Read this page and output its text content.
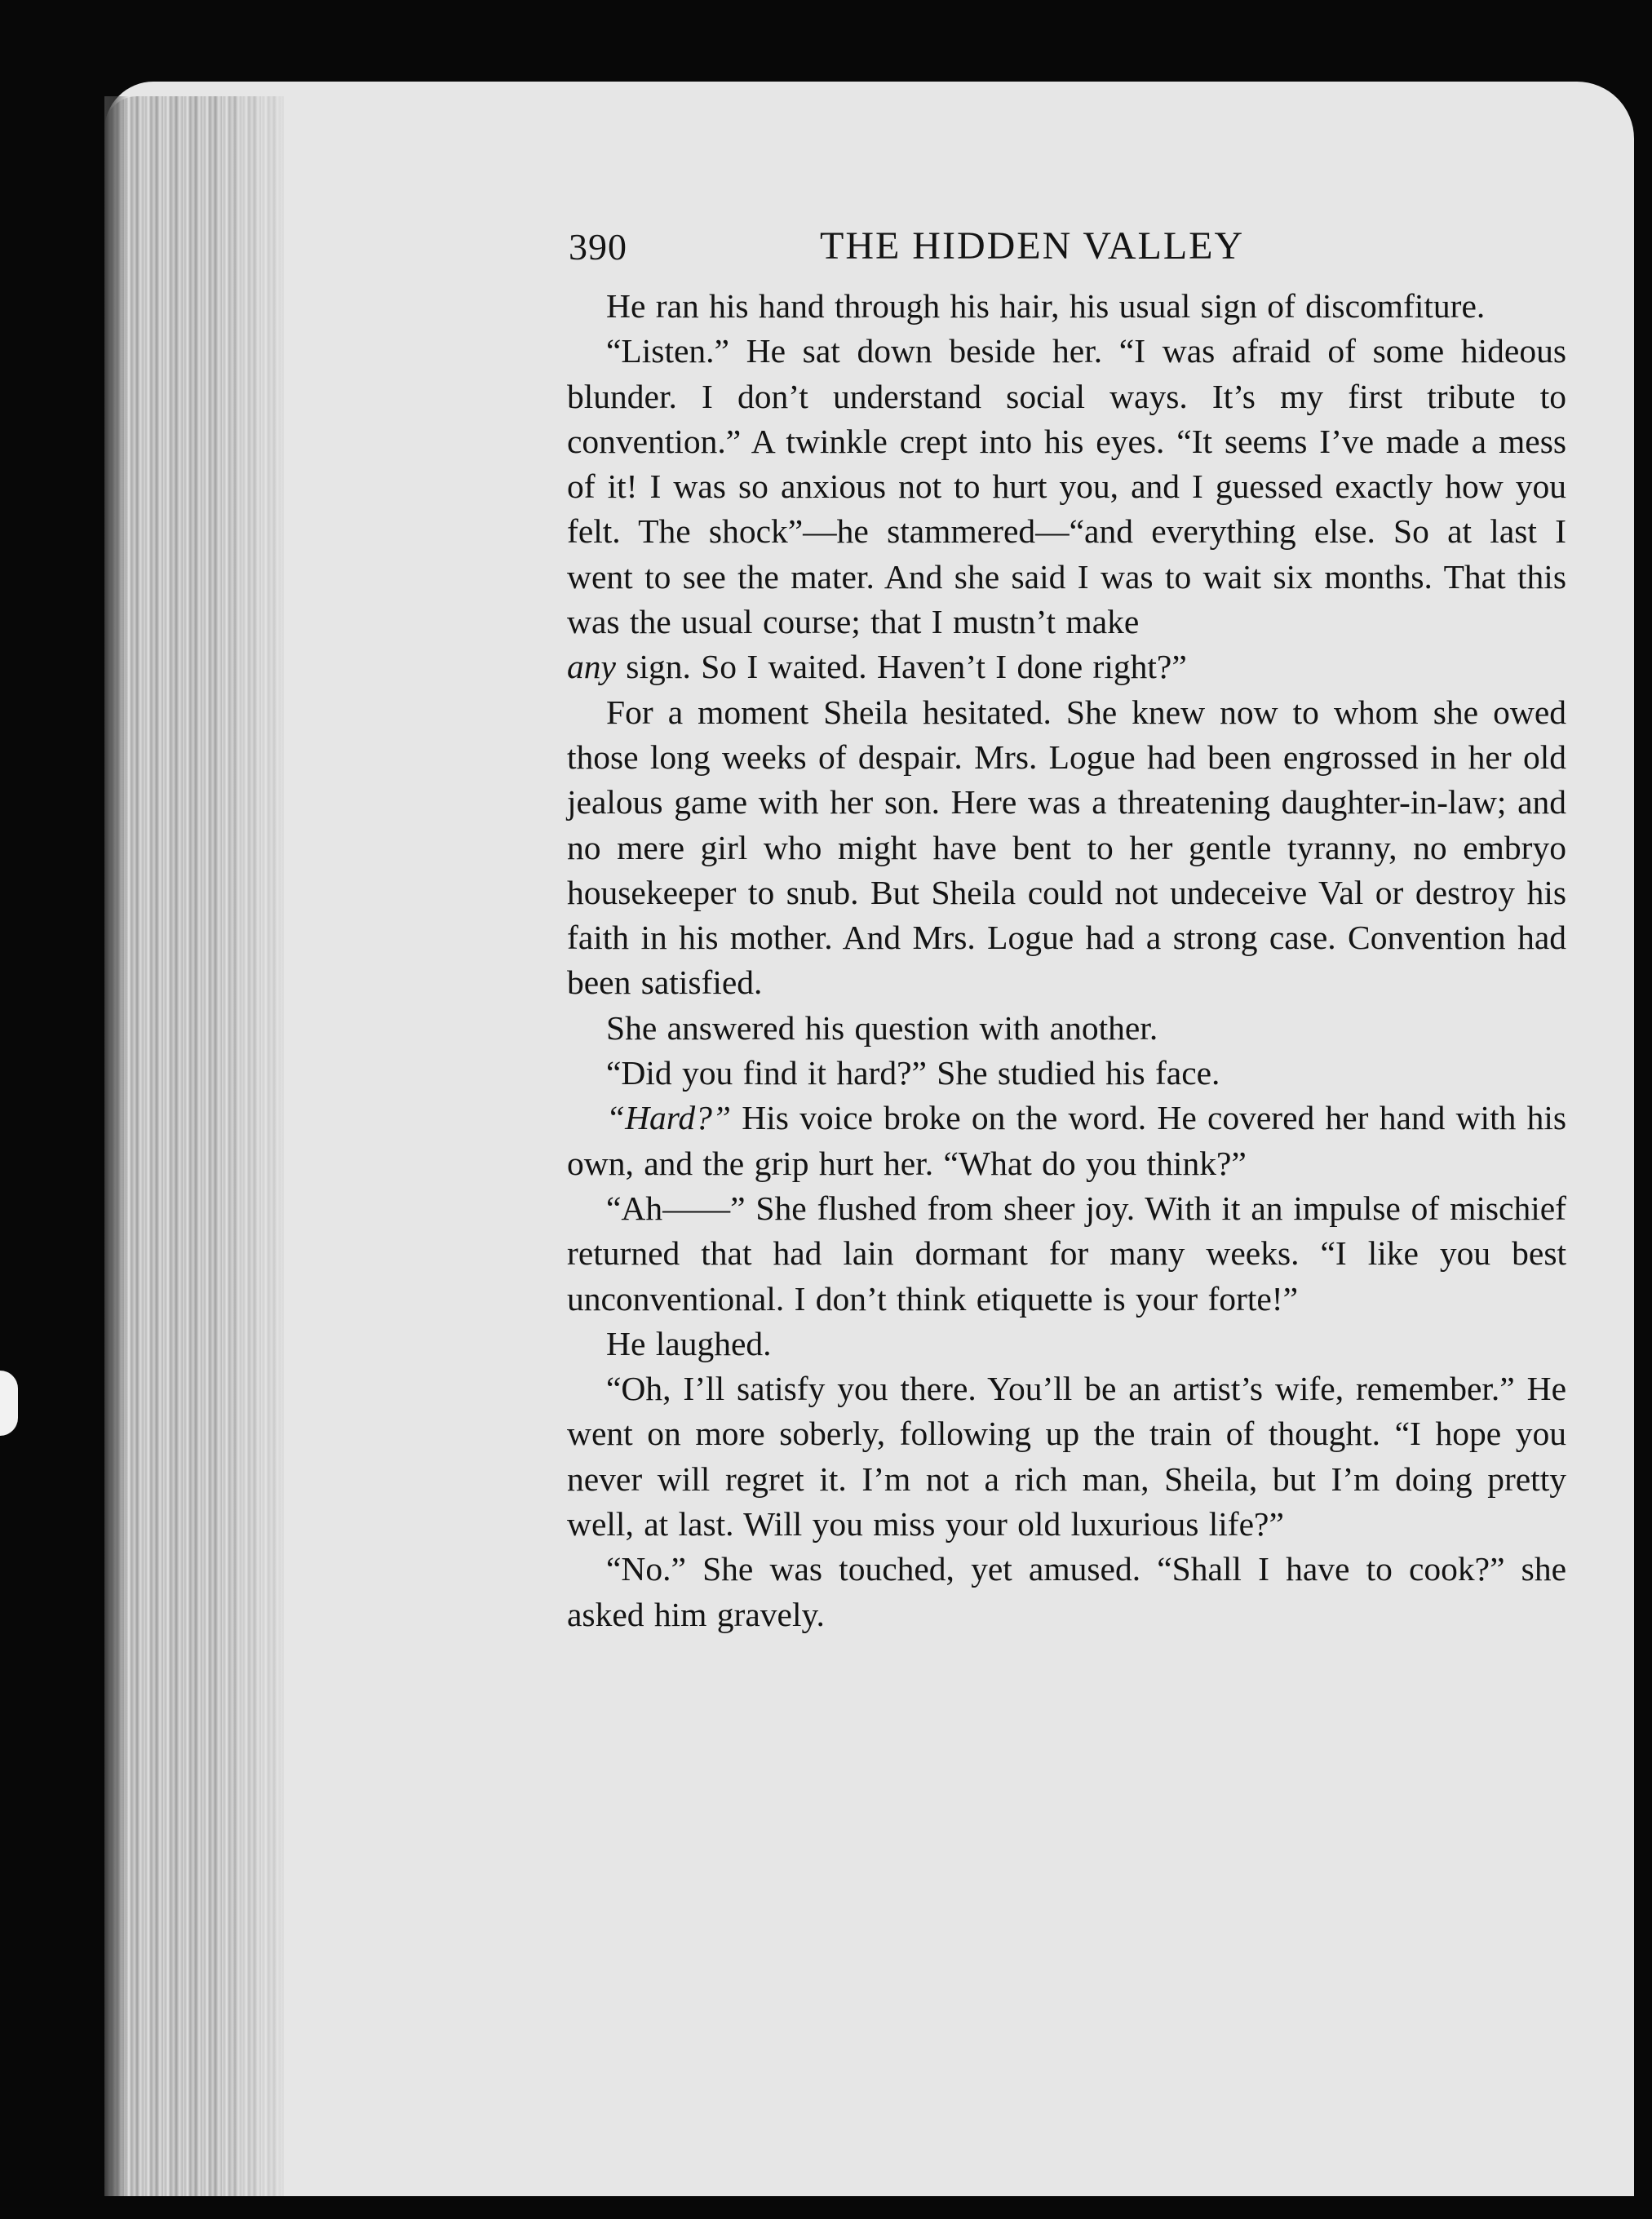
390	THE HIDDEN VALLEY

He ran his hand through his hair, his usual sign of discomfiture.

“Listen.” He sat down beside her. “I was afraid of some hideous blunder. I don’t understand social ways. It’s my first tribute to convention.” A twinkle crept into his eyes. “It seems I’ve made a mess of it! I was so anxious not to hurt you, and I guessed exactly how you felt. The shock”—he stammered—“and everything else. So at last I went to see the mater. And she said I was to wait six months. That this was the usual course; that I mustn’t make
any sign. So I waited. Haven’t I done right?”

For a moment Sheila hesitated. She knew now to whom she owed those long weeks of despair. Mrs. Logue had been engrossed in her old jealous game with her son. Here was a threatening daughter-in-law; and no mere girl who might have bent to her gentle tyranny, no embryo housekeeper to snub. But Sheila could not undeceive Val or destroy his faith in his mother. And Mrs. Logue had a strong case. Convention had been satisfied.

She answered his question with another.

“Did you find it hard?” She studied his face.

“Hard?” His voice broke on the word. He covered her hand with his own, and the grip hurt her. “What do you think?”

“Ah——” She flushed from sheer joy. With it an impulse of mischief returned that had lain dormant for many weeks. “I like you best unconventional. I don’t think etiquette is your forte!”

He laughed.

“Oh, I’ll satisfy you there. You’ll be an artist’s wife, remember.” He went on more soberly, following up the train of thought. “I hope you never will regret it. I’m not a rich man, Sheila, but I’m doing pretty well, at last. Will you miss your old luxurious life?”

“No.” She was touched, yet amused. “Shall I have to cook?” she asked him gravely.
